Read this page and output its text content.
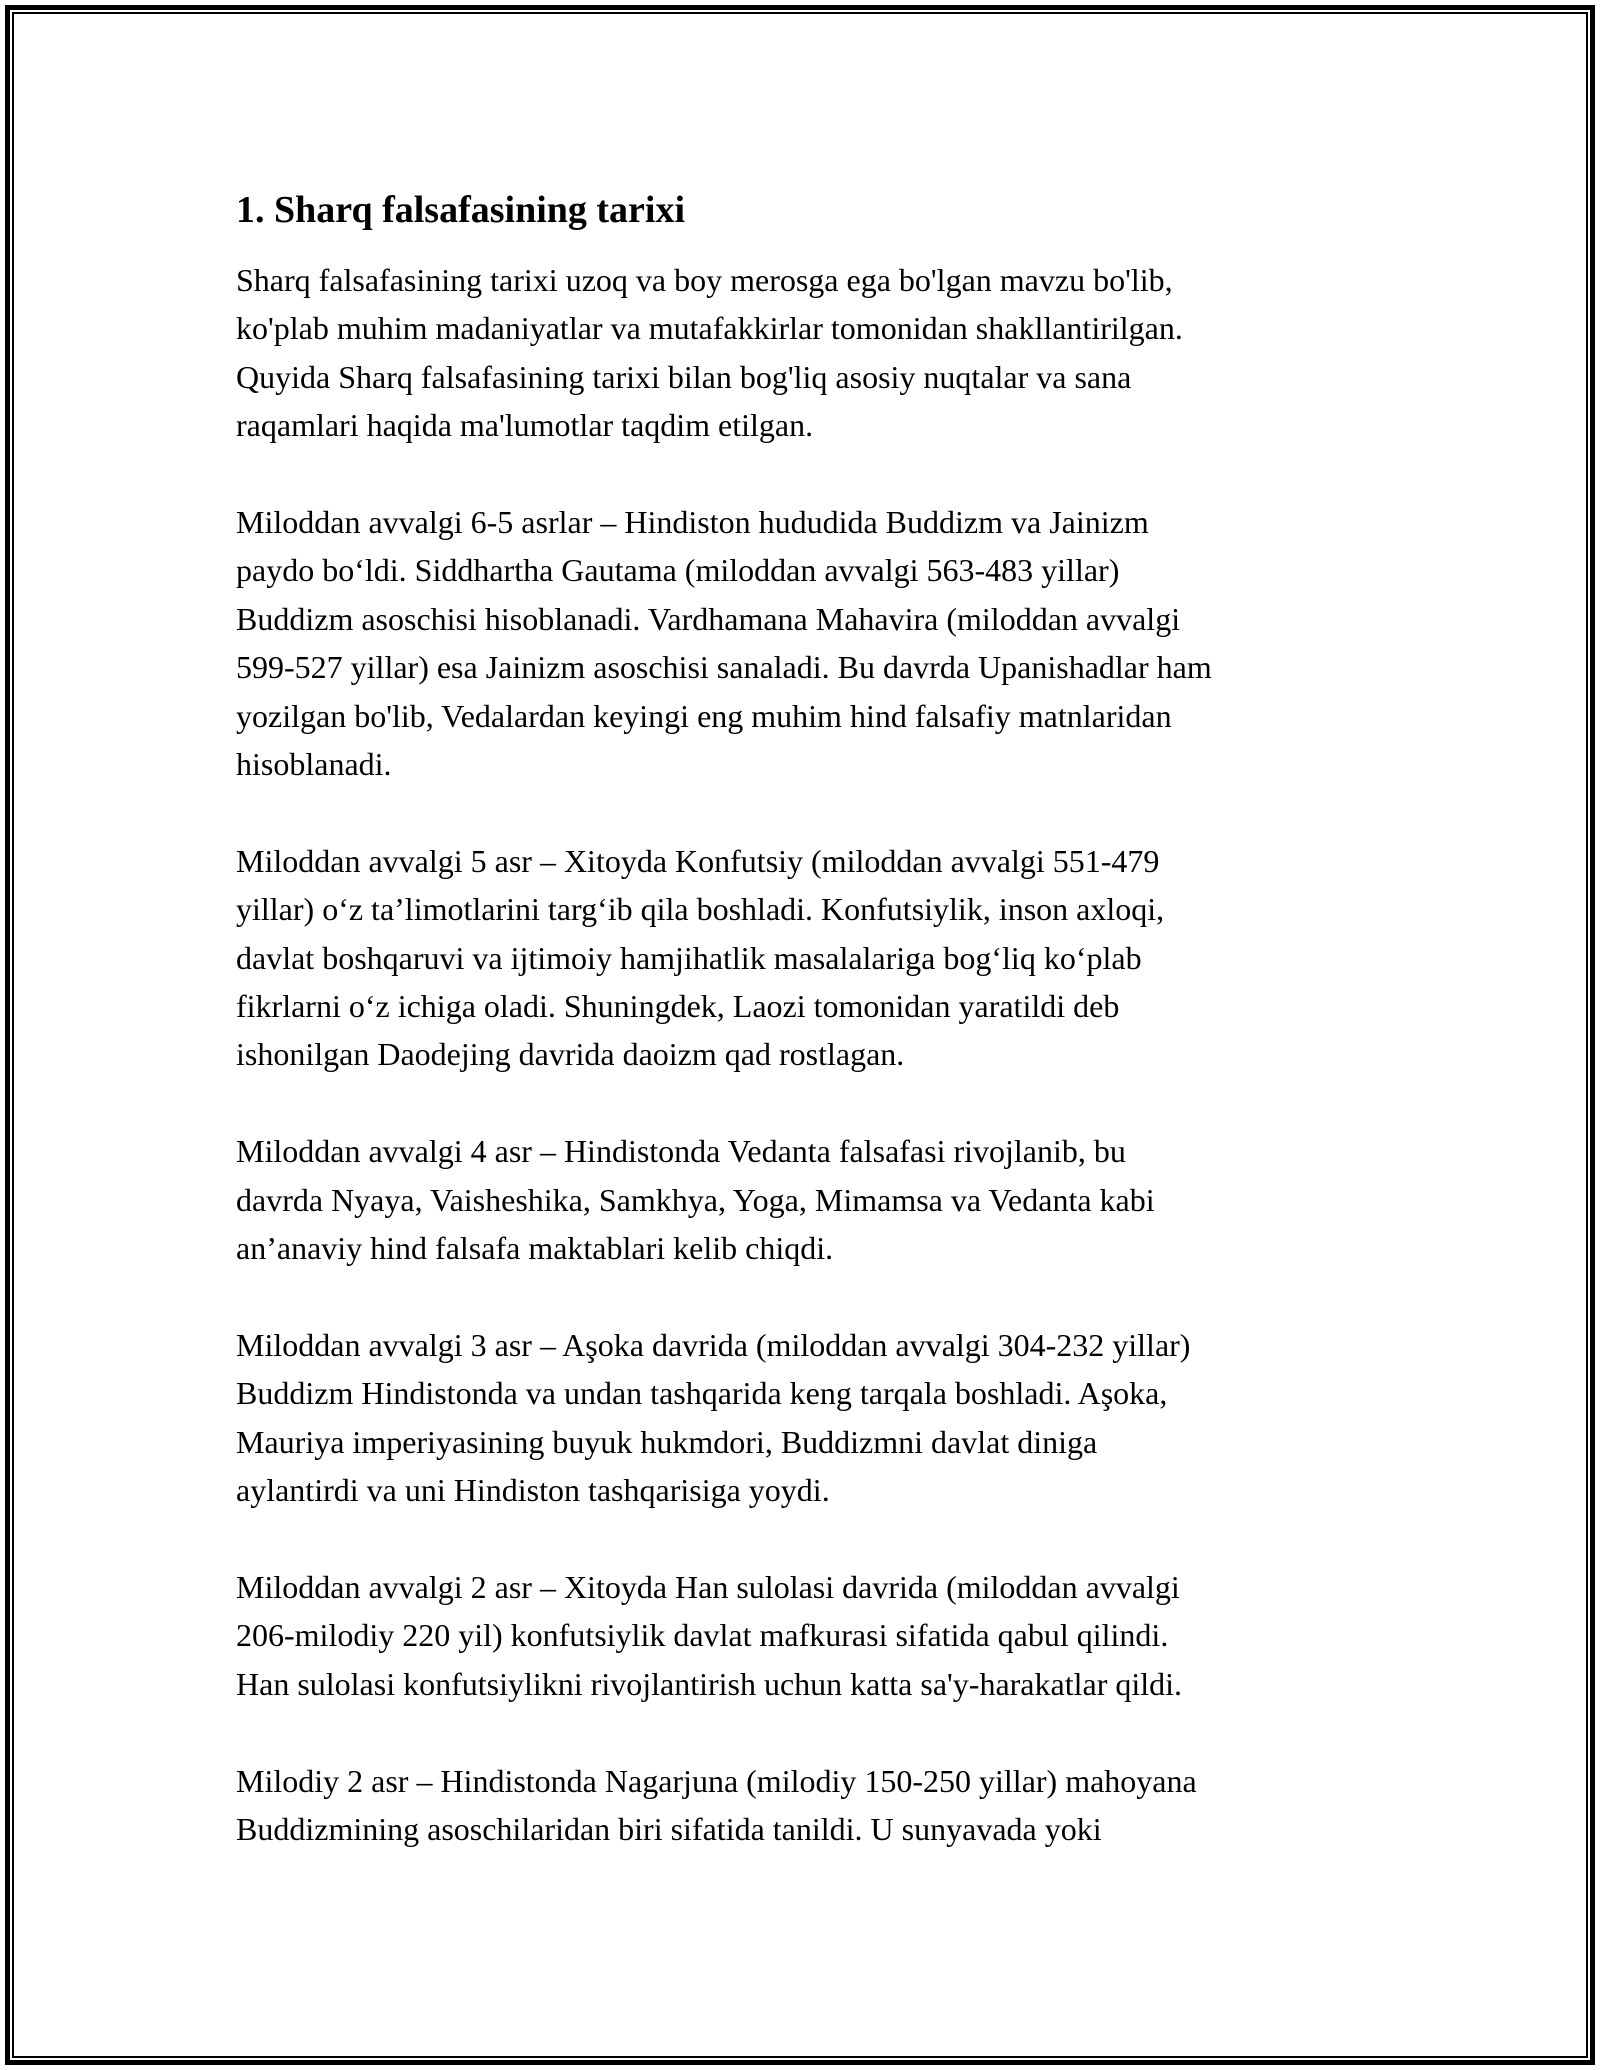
1. Sharq falsafasining tarixi
Sharq falsafasining tarixi uzoq va boy merosga ega bo'lgan mavzu bo'lib,
ko'plab muhim madaniyatlar va mutafakkirlar tomonidan shakllantirilgan.
Quyida Sharq falsafasining tarixi bilan bog'liq asosiy nuqtalar va sana
raqamlari haqida ma'lumotlar taqdim etilgan.
Miloddan avvalgi 6-5 asrlar – Hindiston hududida Buddizm va Jainizm
paydo bo‘ldi. Siddhartha Gautama (miloddan avvalgi 563-483 yillar)
Buddizm asoschisi hisoblanadi. Vardhamana Mahavira (miloddan avvalgi
599-527 yillar) esa Jainizm asoschisi sanaladi. Bu davrda Upanishadlar ham
yozilgan bo'lib, Vedalardan keyingi eng muhim hind falsafiy matnlaridan
hisoblanadi.
Miloddan avvalgi 5 asr – Xitoyda Konfutsiy (miloddan avvalgi 551-479
yillar) o‘z ta’limotlarini targ‘ib qila boshladi. Konfutsiylik, inson axloqi,
davlat boshqaruvi va ijtimoiy hamjihatlik masalalariga bog‘liq ko‘plab
fikrlarni o‘z ichiga oladi. Shuningdek, Laozi tomonidan yaratildi deb
ishonilgan Daodejing davrida daoizm qad rostlagan.
Miloddan avvalgi 4 asr – Hindistonda Vedanta falsafasi rivojlanib, bu
davrda Nyaya, Vaisheshika, Samkhya, Yoga, Mimamsa va Vedanta kabi
an’anaviy hind falsafa maktablari kelib chiqdi.
Miloddan avvalgi 3 asr – Aşoka davrida (miloddan avvalgi 304-232 yillar)
Buddizm Hindistonda va undan tashqarida keng tarqala boshladi. Aşoka,
Mauriya imperiyasining buyuk hukmdori, Buddizmni davlat diniga
aylantirdi va uni Hindiston tashqarisiga yoydi.
Miloddan avvalgi 2 asr – Xitoyda Han sulolasi davrida (miloddan avvalgi
206-milodiy 220 yil) konfutsiylik davlat mafkurasi sifatida qabul qilindi.
Han sulolasi konfutsiylikni rivojlantirish uchun katta sa'y-harakatlar qildi.
Milodiy 2 asr – Hindistonda Nagarjuna (milodiy 150-250 yillar) mahoyana
Buddizmining asoschilaridan biri sifatida tanildi. U sunyavada yoki
